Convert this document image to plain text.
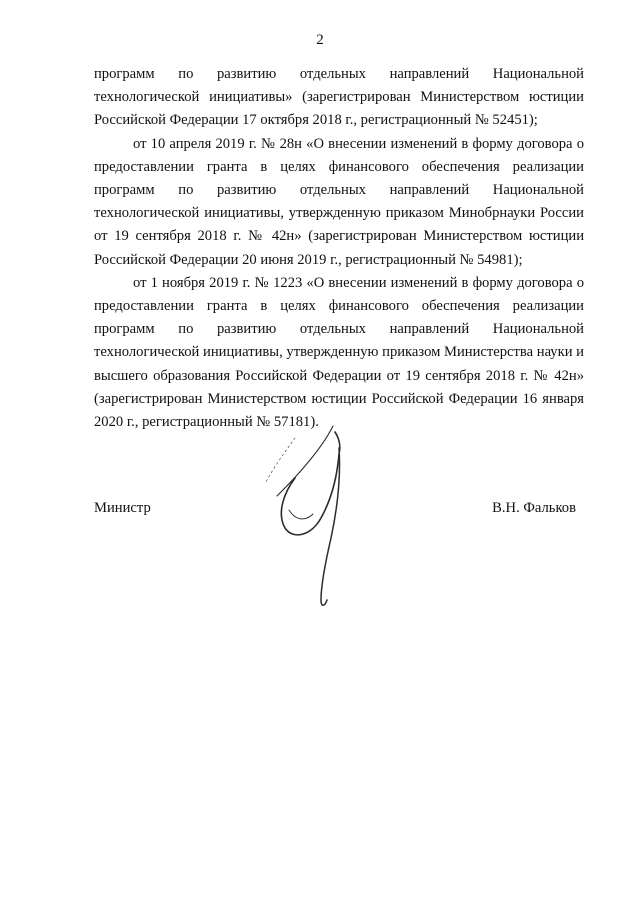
2

программ по развитию отдельных направлений Национальной технологической инициативы» (зарегистрирован Министерством юстиции Российской Федерации 17 октября 2018 г., регистрационный № 52451);

от 10 апреля 2019 г. № 28н «О внесении изменений в форму договора о предоставлении гранта в целях финансового обеспечения реализации программ по развитию отдельных направлений Национальной технологической инициативы, утвержденную приказом Минобрнауки России от 19 сентября 2018 г. № 42н» (зарегистрирован Министерством юстиции Российской Федерации 20 июня 2019 г., регистрационный № 54981);

от 1 ноября 2019 г. № 1223 «О внесении изменений в форму договора о предоставлении гранта в целях финансового обеспечения реализации программ по развитию отдельных направлений Национальной технологической инициативы, утвержденную приказом Министерства науки и высшего образования Российской Федерации от 19 сентября 2018 г. № 42н» (зарегистрирован Министерством юстиции Российской Федерации 16 января 2020 г., регистрационный № 57181).

Министр	В.Н. Фальков
